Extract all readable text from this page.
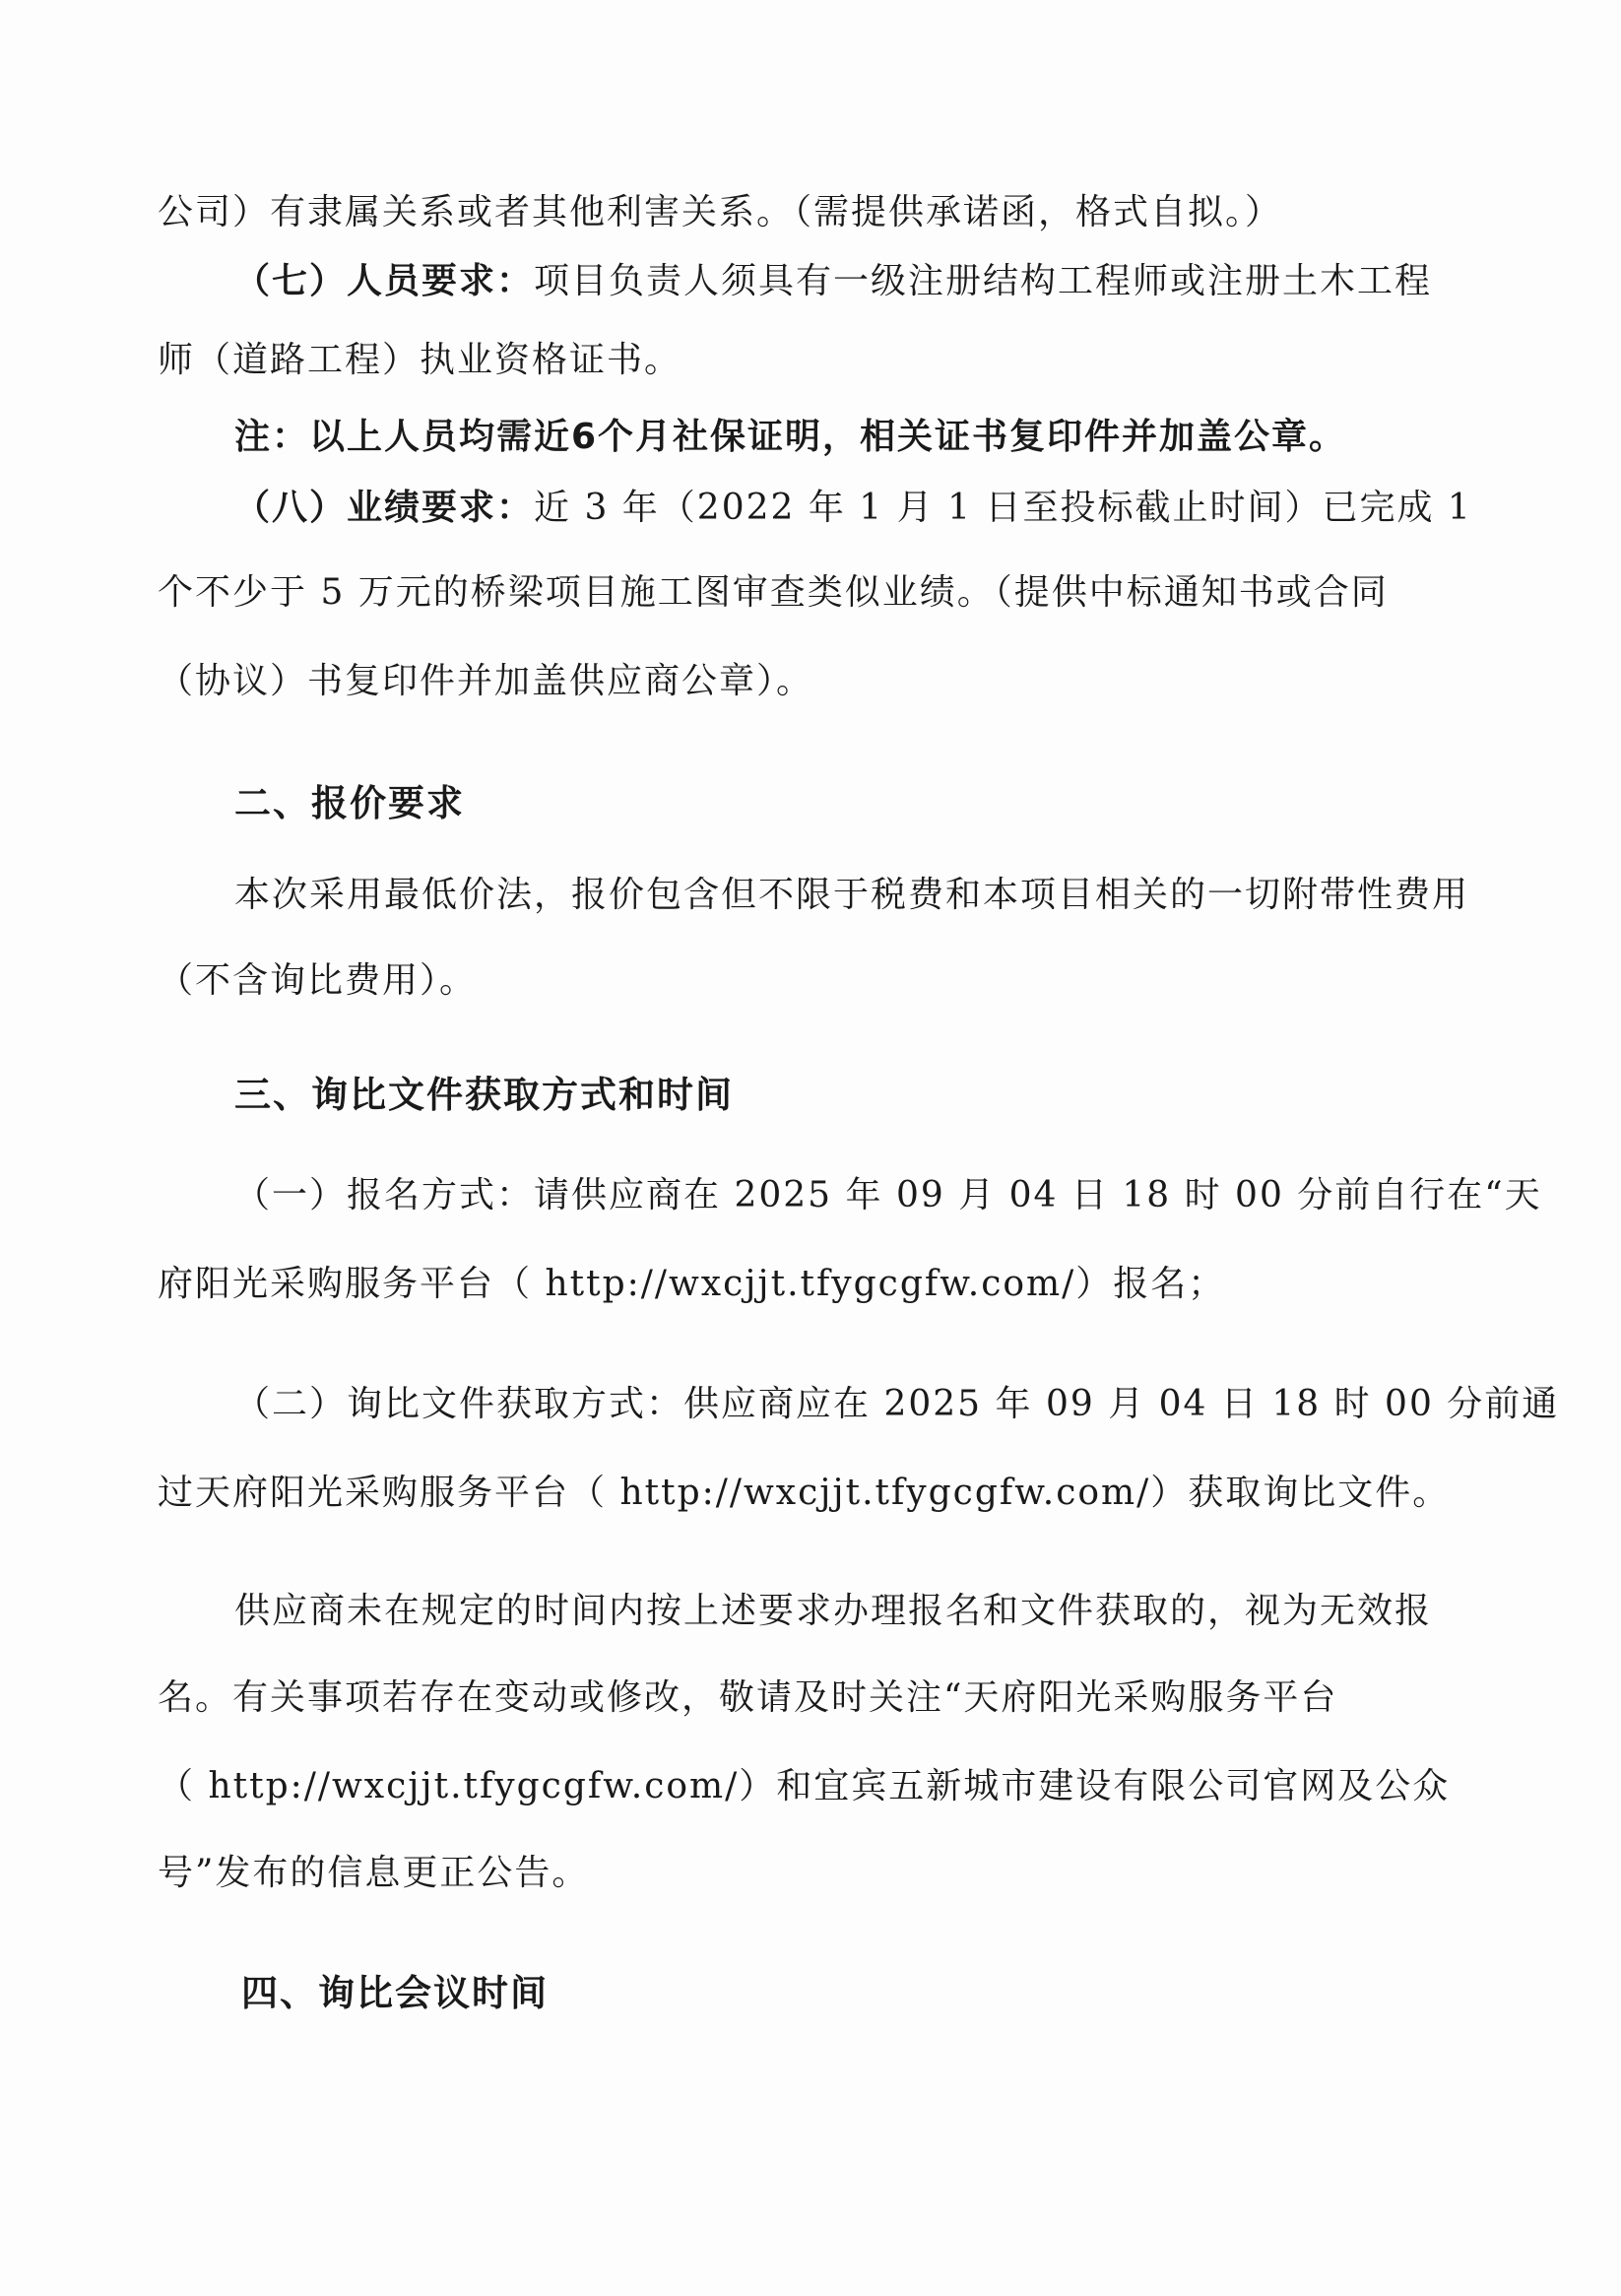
公司）有隶属关系或者其他利害关系。（需提供承诺函，格式自拟。）
（七）人员要求：项目负责人须具有一级注册结构工程师或注册土木工程
师（道路工程）执业资格证书。
注：以上人员均需近6个月社保证明，相关证书复印件并加盖公章。
（八）业绩要求：近 3 年（2022 年 1 月 1 日至投标截止时间）已完成 1
个不少于 5 万元的桥梁项目施工图审查类似业绩。（提供中标通知书或合同
（协议）书复印件并加盖供应商公章）。
二、报价要求
本次采用最低价法，报价包含但不限于税费和本项目相关的一切附带性费用
（不含询比费用）。
三、询比文件获取方式和时间
（一）报名方式：请供应商在 2025 年 09 月 04 日 18 时 00 分前自行在“天
府阳光采购服务平台（ http://wxcjjt.tfygcgfw.com/）报名；
（二）询比文件获取方式：供应商应在 2025 年 09 月 04 日 18 时 00 分前通
过天府阳光采购服务平台（ http://wxcjjt.tfygcgfw.com/）获取询比文件。
供应商未在规定的时间内按上述要求办理报名和文件获取的，视为无效报
名。有关事项若存在变动或修改，敬请及时关注“天府阳光采购服务平台
（ http://wxcjjt.tfygcgfw.com/）和宜宾五新城市建设有限公司官网及公众
号”发布的信息更正公告。
四、询比会议时间
